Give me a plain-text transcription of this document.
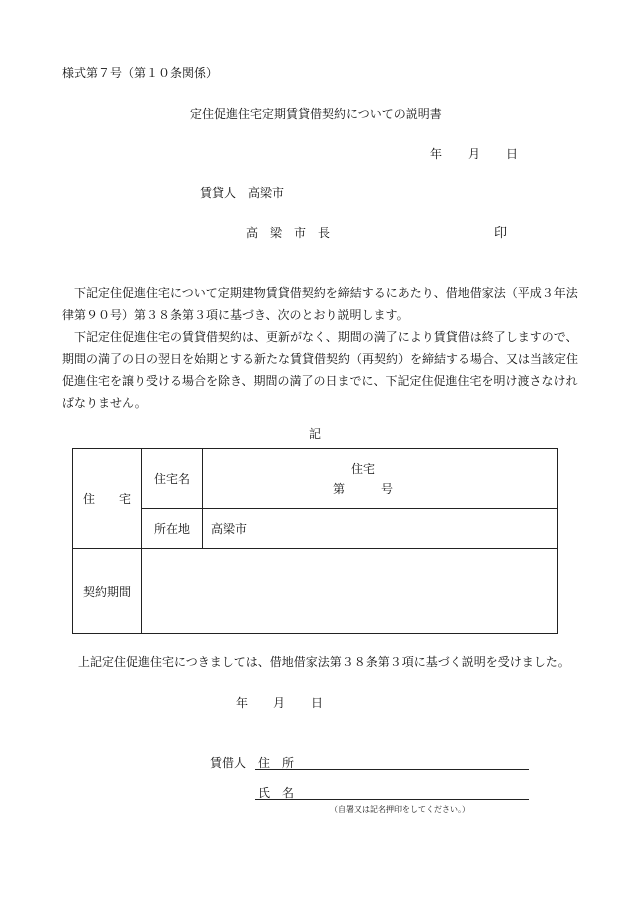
様式第７号（第１０条関係）
定住促進住宅定期賃貸借契約についての説明書
年 月 日
賃貸人 高梁市
高　梁　市　長	印

下記定住促進住宅について定期建物賃貸借契約を締結するにあたり、借地借家法（平成３年法律第９０号）第３８条第３項に基づき、次のとおり説明します。

下記定住促進住宅の賃貸借契約は、更新がなく、期間の満了により賃貸借は終了しますので、期間の満了の日の翌日を始期とする新たな賃貸借契約（再契約）を締結する場合、又は当該定住促進住宅を譲り受ける場合を除き、期間の満了の日までに、下記定住促進住宅を明け渡さなければなりません。

記
住　　宅	住宅名	住宅
第　　　号

	所在地	高梁市
契約期間		
上記定住促進住宅につきましては、借地借家法第３８条第３項に基づく説明を受けました。
年 月 日
賃借人 住　所
氏　名
（自署又は記名押印をしてください。）
